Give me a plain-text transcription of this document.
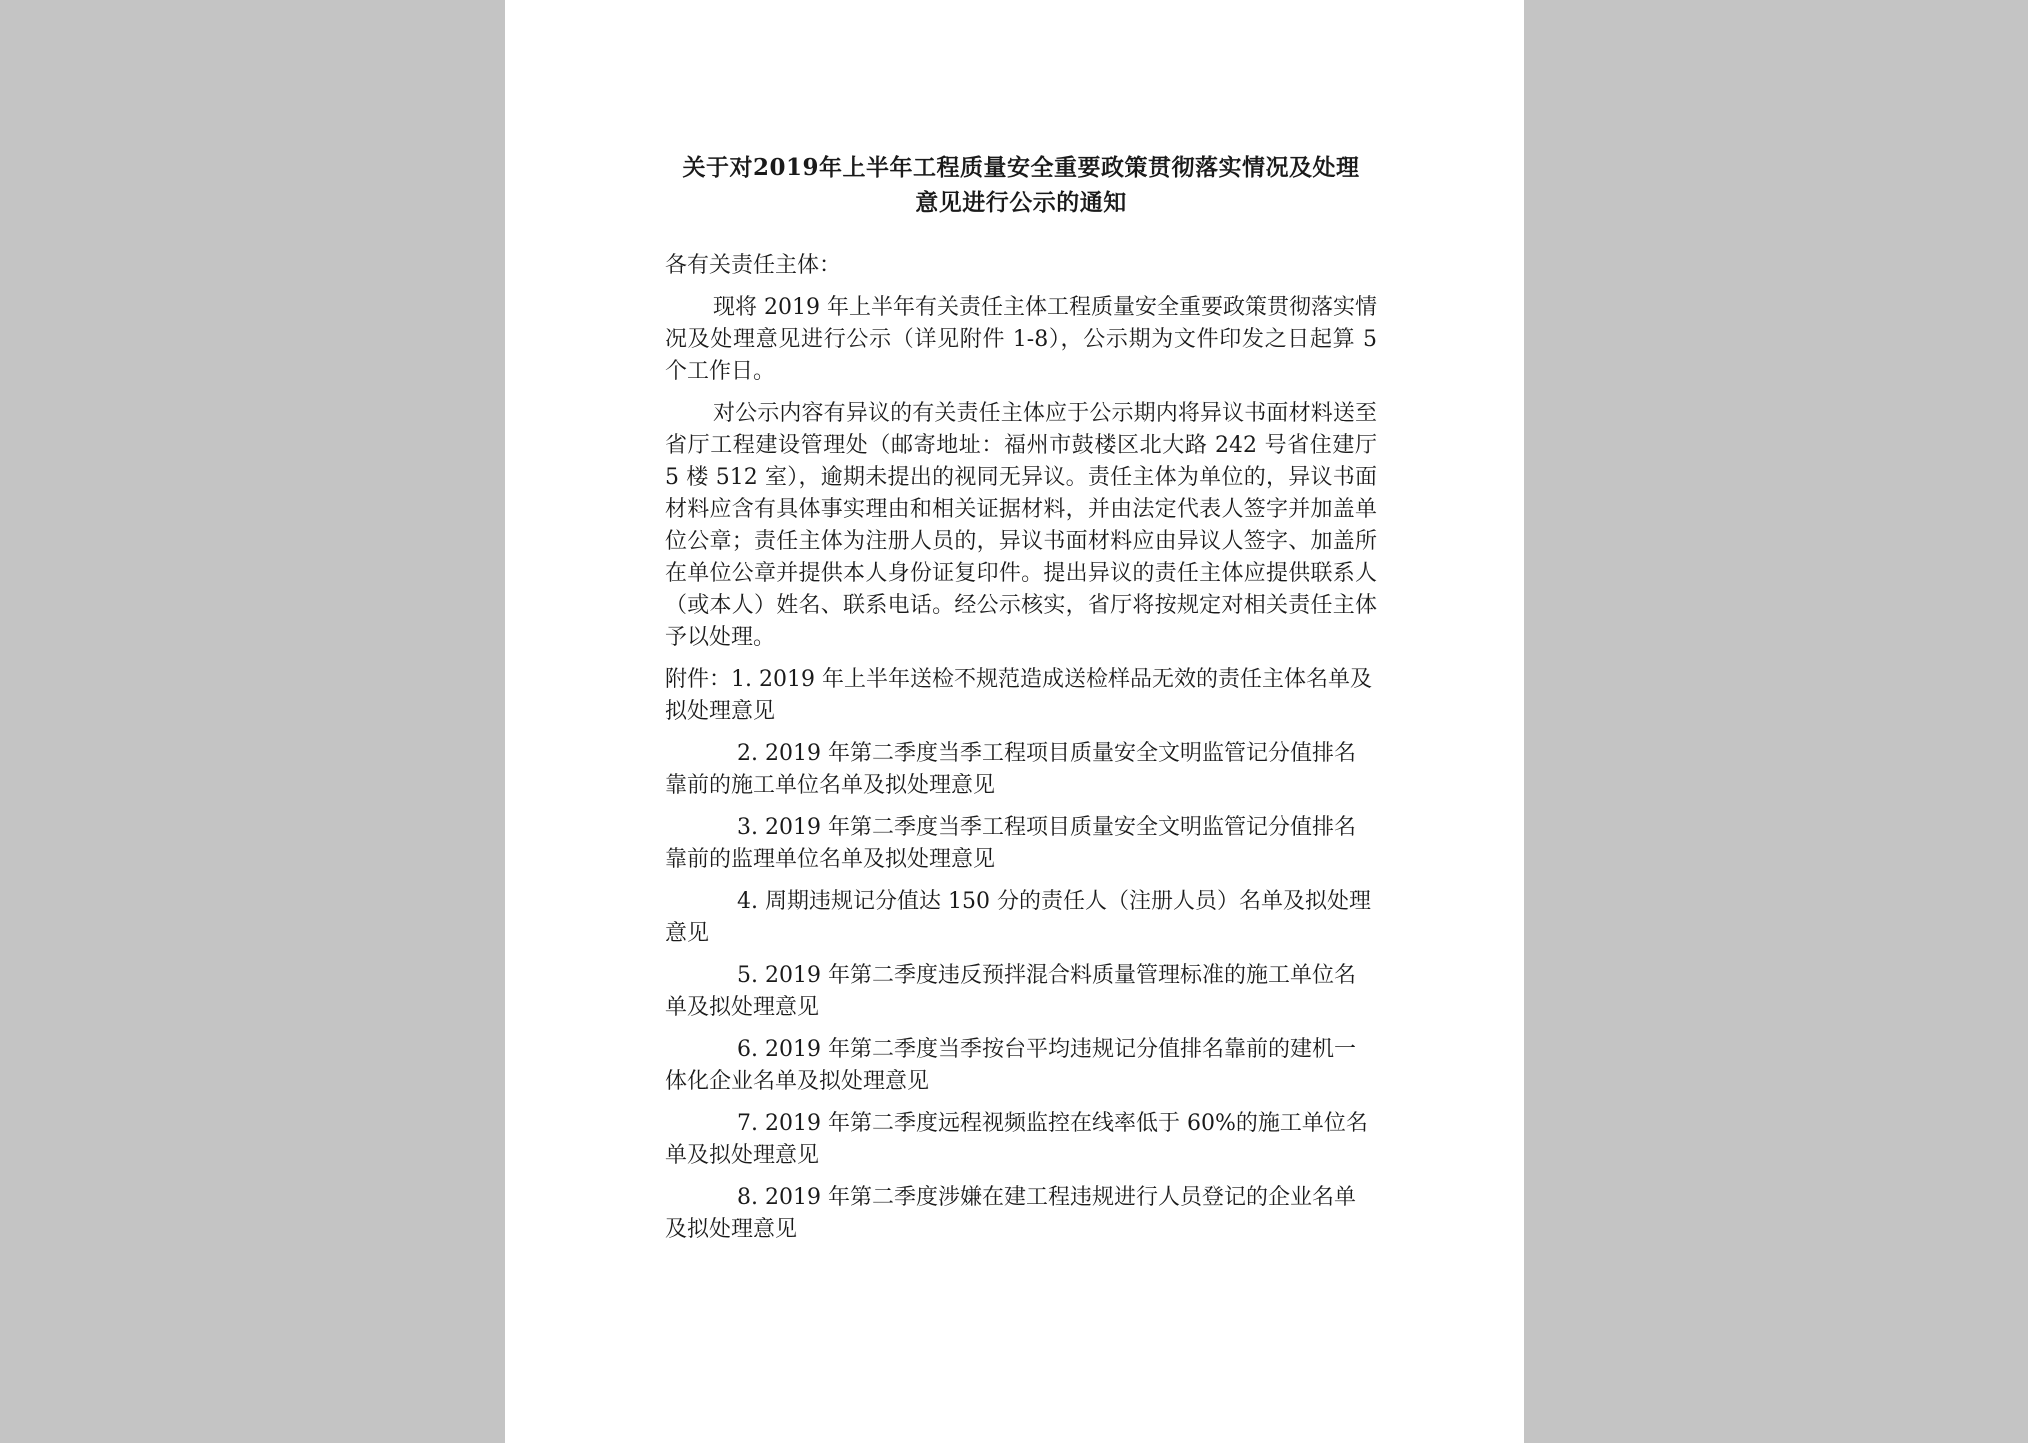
关于对2019年上半年工程质量安全重要政策贯彻落实情况及处理
意见进行公示的通知

各有关责任主体：

现将 2019 年上半年有关责任主体工程质量安全重要政策贯彻落实情况及处理意见进行公示（详见附件 1-8），公示期为文件印发之日起算 5 个工作日。

对公示内容有异议的有关责任主体应于公示期内将异议书面材料送至省厅工程建设管理处（邮寄地址：福州市鼓楼区北大路 242 号省住建厅 5 楼 512 室），逾期未提出的视同无异议。责任主体为单位的，异议书面材料应含有具体事实理由和相关证据材料，并由法定代表人签字并加盖单位公章；责任主体为注册人员的，异议书面材料应由异议人签字、加盖所在单位公章并提供本人身份证复印件。提出异议的责任主体应提供联系人（或本人）姓名、联系电话。经公示核实，省厅将按规定对相关责任主体予以处理。

附件：1. 2019 年上半年送检不规范造成送检样品无效的责任主体名单及拟处理意见

2. 2019 年第二季度当季工程项目质量安全文明监管记分值排名靠前的施工单位名单及拟处理意见

3. 2019 年第二季度当季工程项目质量安全文明监管记分值排名靠前的监理单位名单及拟处理意见

4. 周期违规记分值达 150 分的责任人（注册人员）名单及拟处理意见

5. 2019 年第二季度违反预拌混合料质量管理标准的施工单位名单及拟处理意见

6. 2019 年第二季度当季按台平均违规记分值排名靠前的建机一体化企业名单及拟处理意见

7. 2019 年第二季度远程视频监控在线率低于 60%的施工单位名单及拟处理意见

8. 2019 年第二季度涉嫌在建工程违规进行人员登记的企业名单及拟处理意见
